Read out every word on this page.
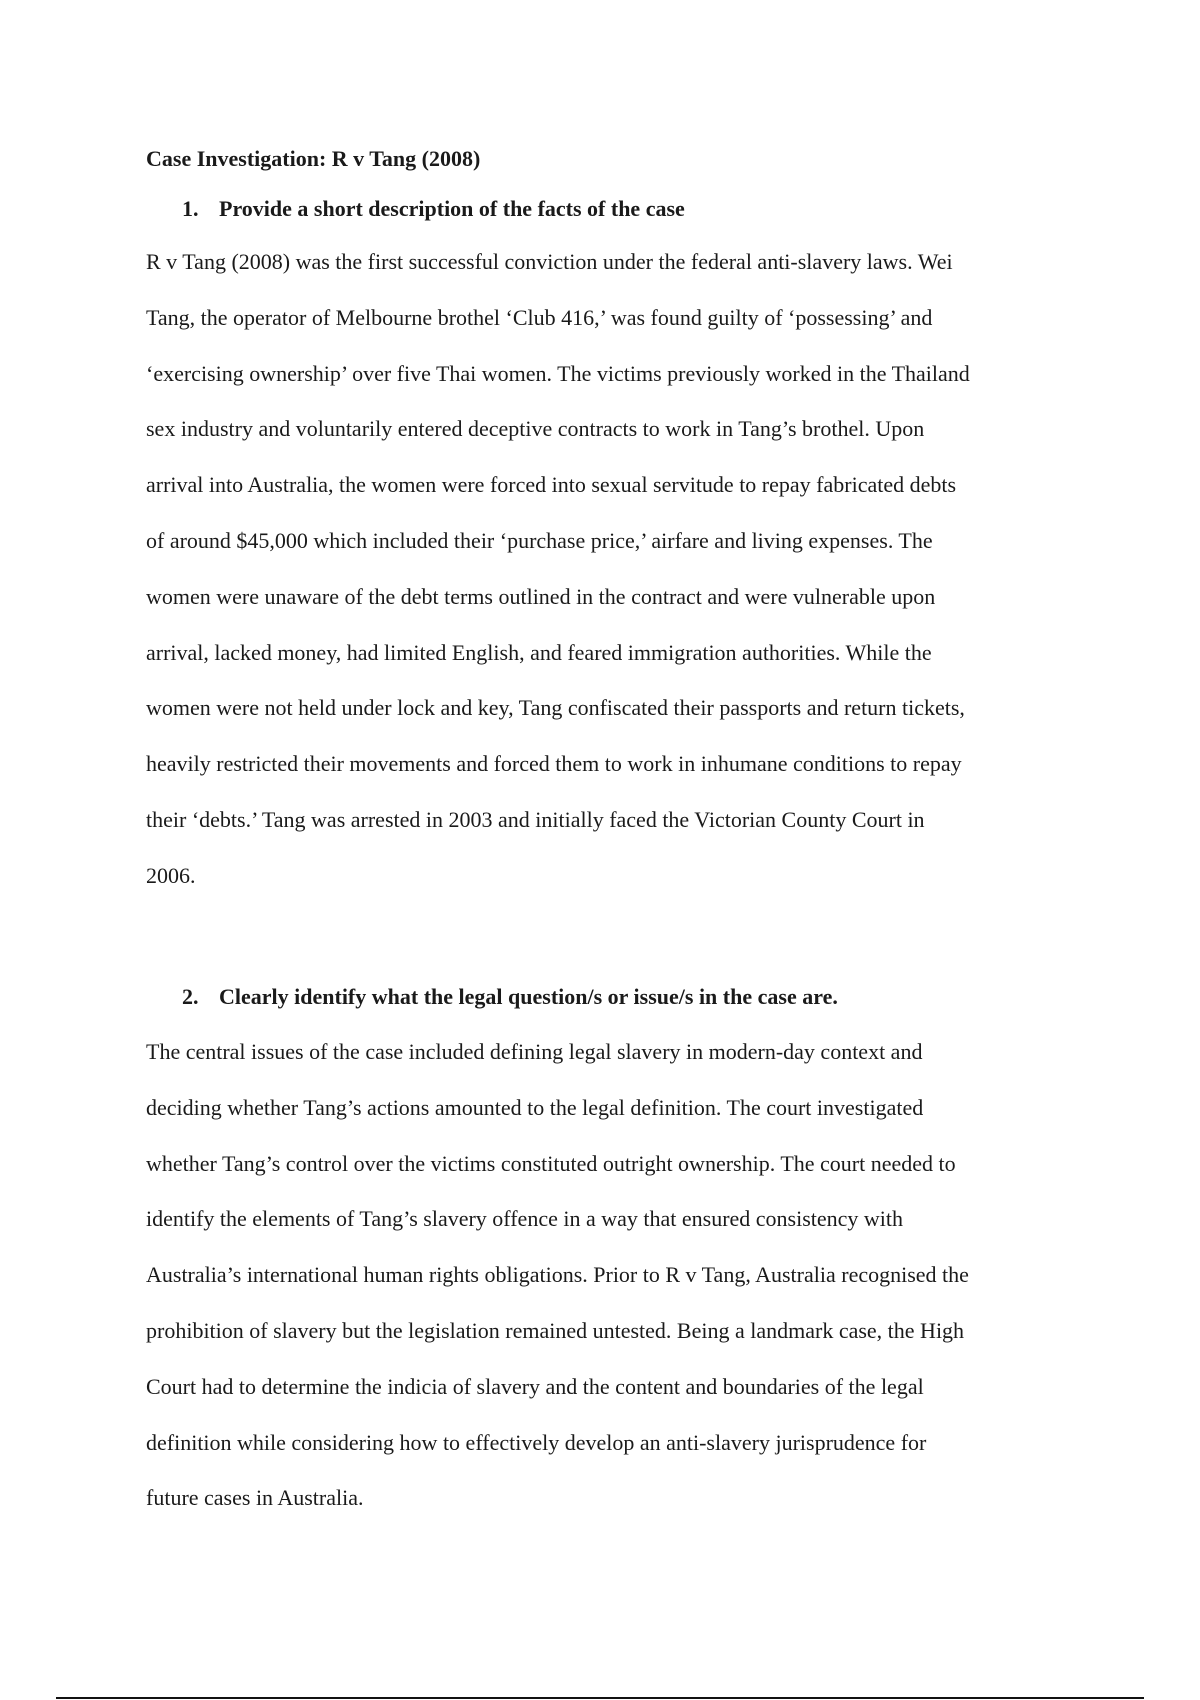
Case Investigation: R v Tang (2008)
1. Provide a short description of the facts of the case
R v Tang (2008) was the first successful conviction under the federal anti-slavery laws. Wei
Tang, the operator of Melbourne brothel ‘Club 416,’ was found guilty of ‘possessing’ and
‘exercising ownership’ over five Thai women. The victims previously worked in the Thailand
sex industry and voluntarily entered deceptive contracts to work in Tang’s brothel. Upon
arrival into Australia, the women were forced into sexual servitude to repay fabricated debts
of around $45,000 which included their ‘purchase price,’ airfare and living expenses. The
women were unaware of the debt terms outlined in the contract and were vulnerable upon
arrival, lacked money, had limited English, and feared immigration authorities. While the
women were not held under lock and key, Tang confiscated their passports and return tickets,
heavily restricted their movements and forced them to work in inhumane conditions to repay
their ‘debts.’ Tang was arrested in 2003 and initially faced the Victorian County Court in
2006.
2. Clearly identify what the legal question/s or issue/s in the case are.
The central issues of the case included defining legal slavery in modern-day context and
deciding whether Tang’s actions amounted to the legal definition. The court investigated
whether Tang’s control over the victims constituted outright ownership. The court needed to
identify the elements of Tang’s slavery offence in a way that ensured consistency with
Australia’s international human rights obligations. Prior to R v Tang, Australia recognised the
prohibition of slavery but the legislation remained untested. Being a landmark case, the High
Court had to determine the indicia of slavery and the content and boundaries of the legal
definition while considering how to effectively develop an anti-slavery jurisprudence for
future cases in Australia.
